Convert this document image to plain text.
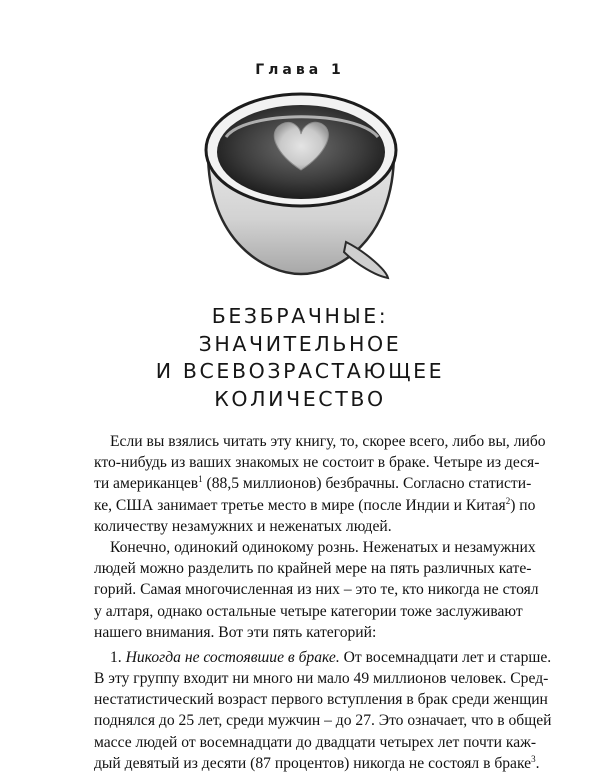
Глава 1
БЕЗБРАЧНЫЕ:
ЗНАЧИТЕЛЬНОЕ
И ВСЕВОЗРАСТАЮЩЕЕ
КОЛИЧЕСТВО
Если вы взялись читать эту книгу, то, скорее всего, либо вы, либо
кто-нибудь из ваших знакомых не состоит в браке. Четыре из деся-
ти американцев$^1$ (88,5 миллионов) безбрачны. Согласно статисти-
ке, США занимает третье место в мире (после Индии и Китая$^2$) по
количеству незамужних и неженатых людей.
Конечно, одинокий одинокому рознь. Неженатых и незамужних
людей можно разделить по крайней мере на пять различных кате-
горий. Самая многочисленная из них – это те, кто никогда не стоял
у алтаря, однако остальные четыре категории тоже заслуживают
нашего внимания. Вот эти пять категорий:
1. Никогда не состоявшие в браке. От восемнадцати лет и старше.
В эту группу входит ни много ни мало 49 миллионов человек. Сред-
нестатистический возраст первого вступления в брак среди женщин
поднялся до 25 лет, среди мужчин – до 27. Это означает, что в общей
массе людей от восемнадцати до двадцати четырех лет почти каж-
дый девятый из десяти (87 процентов) никогда не состоял в браке$^3$.
